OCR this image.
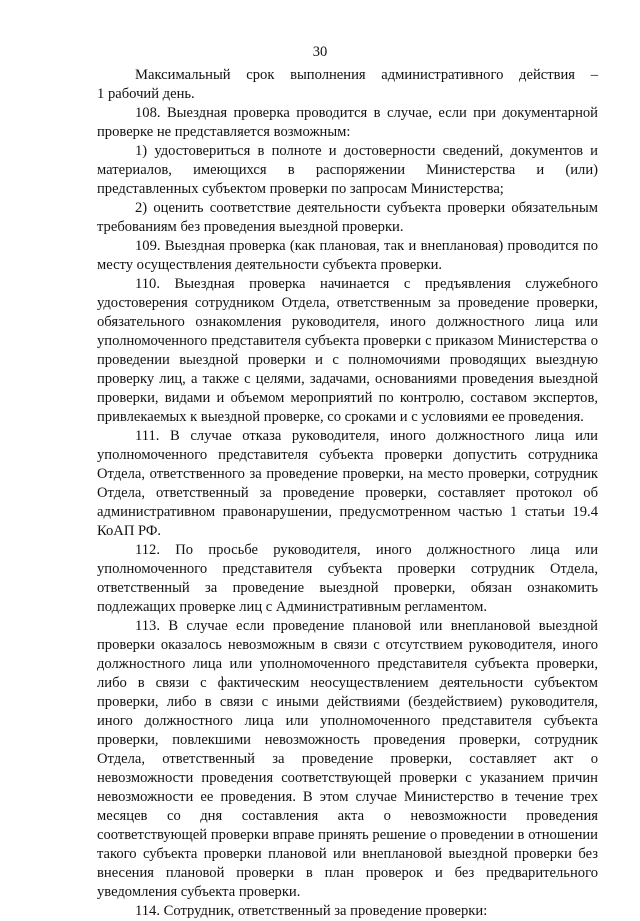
30

Максимальный срок выполнения административного действия –

1 рабочий день.

108. Выездная проверка проводится в случае, если при документарной проверке не представляется возможным:

1) удостовериться в полноте и достоверности сведений, документов и материалов, имеющихся в распоряжении Министерства и (или) представленных субъектом проверки по запросам Министерства;

2) оценить соответствие деятельности субъекта проверки обязательным требованиям без проведения выездной проверки.

109. Выездная проверка (как плановая, так и внеплановая) проводится по месту осуществления деятельности субъекта проверки.

110. Выездная проверка начинается с предъявления служебного удостоверения сотрудником Отдела, ответственным за проведение проверки, обязательного ознакомления руководителя, иного должностного лица или уполномоченного представителя субъекта проверки с приказом Министерства о проведении выездной проверки и с полномочиями проводящих выездную проверку лиц, а также с целями, задачами, основаниями проведения выездной проверки, видами и объемом мероприятий по контролю, составом экспертов, привлекаемых к выездной проверке, со сроками и с условиями ее проведения.

111. В случае отказа руководителя, иного должностного лица или уполномоченного представителя субъекта проверки допустить сотрудника Отдела, ответственного за проведение проверки, на место проверки, сотрудник Отдела, ответственный за проведение проверки, составляет протокол об административном правонарушении, предусмотренном частью 1 статьи 19.4 КоАП РФ.

112. По просьбе руководителя, иного должностного лица или уполномоченного представителя субъекта проверки сотрудник Отдела, ответственный за проведение выездной проверки, обязан ознакомить подлежащих проверке лиц с Административным регламентом.

113. В случае если проведение плановой или внеплановой выездной проверки оказалось невозможным в связи с отсутствием руководителя, иного должностного лица или уполномоченного представителя субъекта проверки, либо в связи с фактическим неосуществлением деятельности субъектом проверки, либо в связи с иными действиями (бездействием) руководителя, иного должностного лица или уполномоченного представителя субъекта проверки, повлекшими невозможность проведения проверки, сотрудник Отдела, ответственный за проведение проверки, составляет акт о невозможности проведения соответствующей проверки с указанием причин невозможности ее проведения. В этом случае Министерство в течение трех месяцев со дня составления акта о невозможности проведения соответствующей проверки вправе принять решение о проведении в отношении такого субъекта проверки плановой или внеплановой выездной проверки без внесения плановой проверки в план проверок и без предварительного уведомления субъекта проверки.

114. Сотрудник, ответственный за проведение проверки:
